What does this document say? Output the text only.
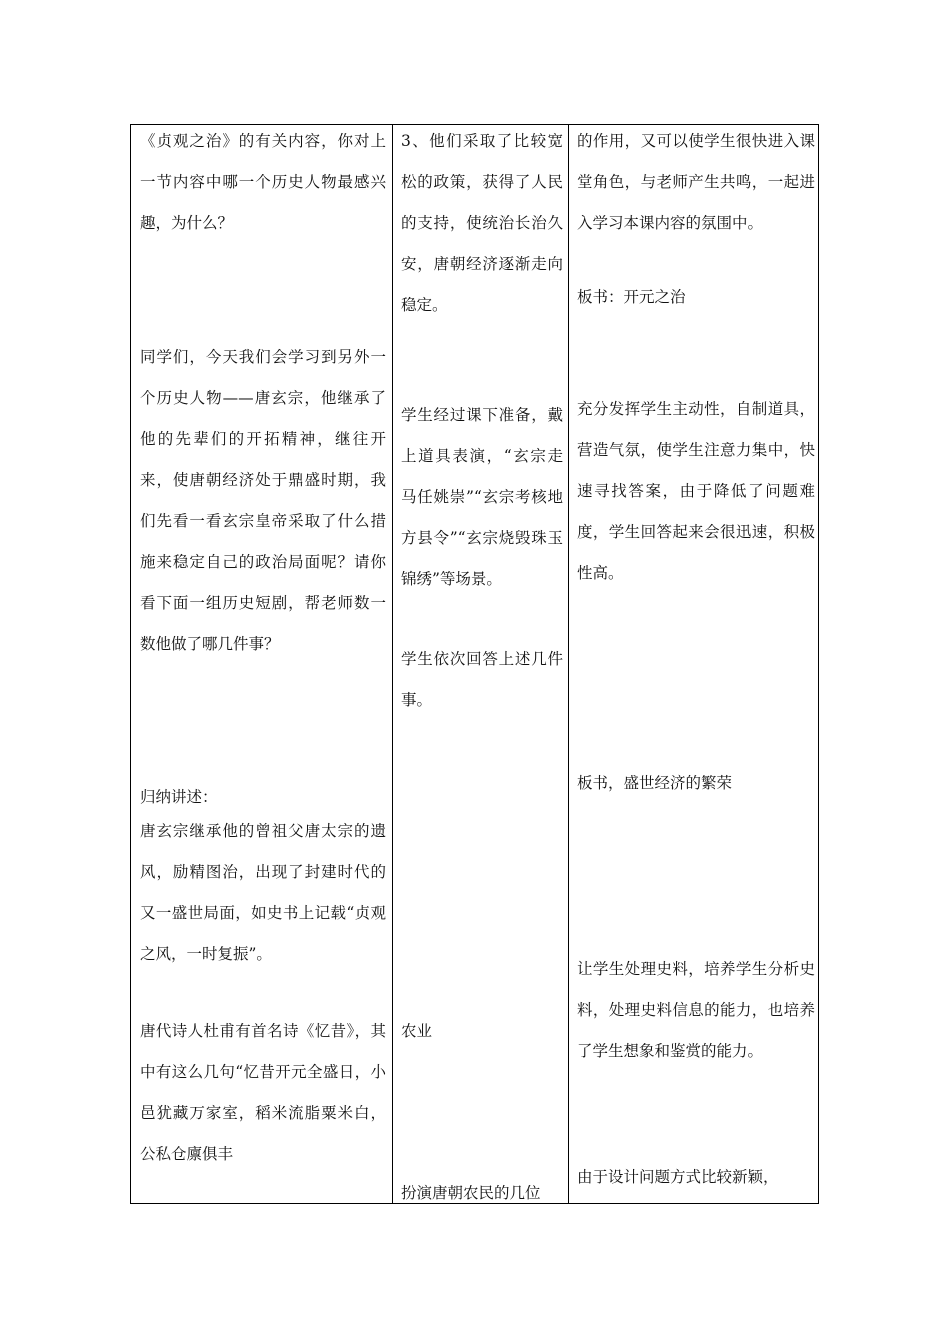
《贞观之治》的有关内容，你对上一节内容中哪一个历史人物最感兴趣，为什么？

同学们，今天我们会学习到另外一个历史人物——唐玄宗，他继承了他的先辈们的开拓精神，继往开来，使唐朝经济处于鼎盛时期，我们先看一看玄宗皇帝采取了什么措施来稳定自己的政治局面呢？请你看下面一组历史短剧，帮老师数一数他做了哪几件事？

归纳讲述：

唐玄宗继承他的曾祖父唐太宗的遗风，励精图治，出现了封建时代的又一盛世局面，如史书上记载“贞观之风，一时复振”。

唐代诗人杜甫有首名诗《忆昔》，其中有这么几句“忆昔开元全盛日，小邑犹藏万家室，稻米流脂粟米白，公私仓廪俱丰

3、他们采取了比较宽松的政策，获得了人民的支持，使统治长治久安，唐朝经济逐渐走向稳定。

学生经过课下准备，戴上道具表演，“玄宗走马任姚崇”“玄宗考核地方县令”“玄宗烧毁珠玉锦绣”等场景。

学生依次回答上述几件事。

农业

扮演唐朝农民的几位

的作用，又可以使学生很快进入课堂角色，与老师产生共鸣，一起进入学习本课内容的氛围中。

板书：开元之治

充分发挥学生主动性，自制道具，营造气氛，使学生注意力集中，快速寻找答案，由于降低了问题难度，学生回答起来会很迅速，积极性高。

板书，盛世经济的繁荣

让学生处理史料，培养学生分析史料，处理史料信息的能力，也培养了学生想象和鉴赏的能力。

由于设计问题方式比较新颖，
